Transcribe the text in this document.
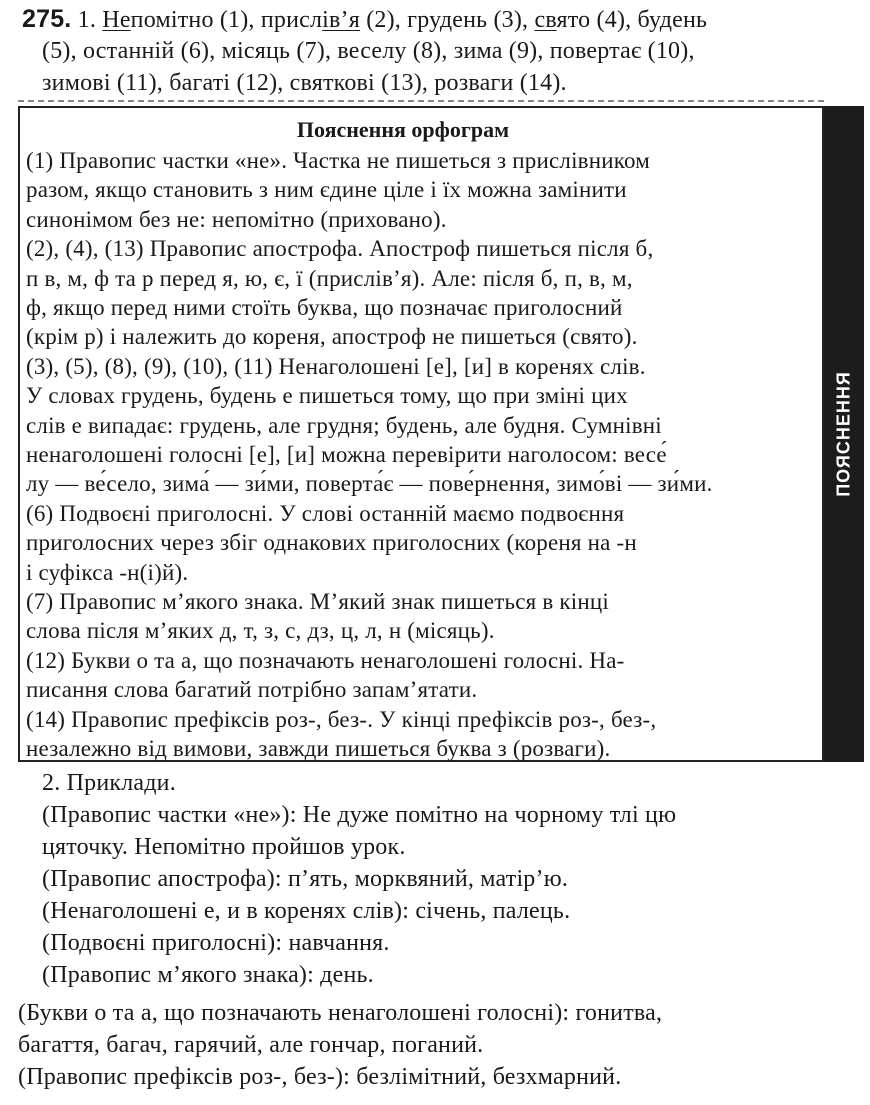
275. 1. Непомітно (1), прислів’я (2), грудень (3), свято (4), будень
(5), останній (6), місяць (7), веселу (8), зима (9), повертає (10),
зимові (11), багаті (12), святкові (13), розваги (14).
ПОЯСНЕННЯ
Пояснення орфограм
(1) Правопис частки «не». Частка не пишеться з прислівником
разом, якщо становить з ним єдине ціле і їх можна замінити
синонімом без не: непомітно (приховано).
(2), (4), (13) Правопис апострофа. Апостроф пишеться після б,
п в, м, ф та р перед я, ю, є, ї (прислів’я). Але: після б, п, в, м,
ф, якщо перед ними стоїть буква, що позначає приголосний
(крім р) і належить до кореня, апостроф не пишеться (свято).
(3), (5), (8), (9), (10), (11) Ненаголошені [е], [и] в коренях слів.
У словах грудень, будень е пишеться тому, що при зміні цих
слів е випадає: грудень, але грудня; будень, але будня. Сумнівні
ненаголошені голосні [е], [и] можна перевірити наголосом: весе́
лу — ве́село, зима́ — зи́ми, поверта́є — пове́рнення, зимо́ві — зи́ми.
(6) Подвоєні приголосні. У слові останній маємо подвоєння
приголосних через збіг однакових приголосних (кореня на -н
і суфікса -н(і)й).
(7) Правопис м’якого знака. М’який знак пишеться в кінці
слова після м’яких д, т, з, с, дз, ц, л, н (місяць).
(12) Букви о та а, що позначають ненаголошені голосні. На-
писання слова багатий потрібно запам’ятати.
(14) Правопис префіксів роз-, без-. У кінці префіксів роз-, без-,
незалежно від вимови, завжди пишеться буква з (розваги).
2. Приклади.
(Правопис частки «не»): Не дуже помітно на чорному тлі цю
цяточку. Непомітно пройшов урок.
(Правопис апострофа): п’ять, морквяний, матір’ю.
(Ненаголошені е, и в коренях слів): січень, палець.
(Подвоєні приголосні): навчання.
(Правопис м’якого знака): день.
(Букви о та а, що позначають ненаголошені голосні): гонитва,
багаття, багач, гарячий, але гончар, поганий.
(Правопис префіксів роз-, без-): безлімітний, безхмарний.
